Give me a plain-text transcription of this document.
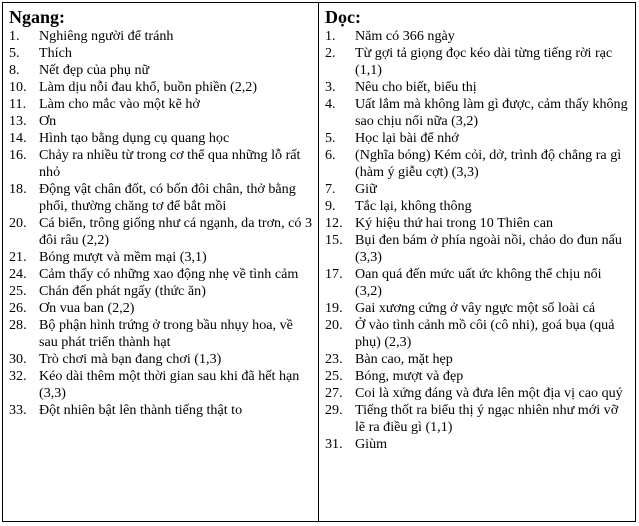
Ngang:
1.	Nghiêng người để tránh
5.	Thích
8.	Nết đẹp của phụ nữ
10. Làm dịu nỗi đau khổ, buồn phiền (2,2)
11. Làm cho mắc vào một kẽ hở
13. Ơn
14. Hình tạo bằng dụng cụ quang học
16. Chảy ra nhiều từ trong cơ thể qua những lỗ rất nhỏ
18. Động vật chân đốt, có bốn đôi chân, thở bằng phổi, thường chăng tơ để bắt mồi
20. Cá biển, trông giống như cá ngạnh, da trơn, có 3 đôi râu (2,2)
21. Bóng mượt và mềm mại (3,1)
24. Cảm thấy có những xao động nhẹ về tình cảm
25. Chán đến phát ngấy (thức ăn)
26. Ơn vua ban (2,2)
28. Bộ phận hình trứng ở trong bầu nhụy hoa, về sau phát triển thành hạt
30. Trò chơi mà bạn đang chơi (1,3)
32. Kéo dài thêm một thời gian sau khi đã hết hạn (3,3)
33. Đột nhiên bật lên thành tiếng thật to
Dọc:
1.	Năm có 366 ngày
2.	Từ gợi tả giọng đọc kéo dài từng tiếng rời rạc (1,1)
3.	Nêu cho biết, biểu thị
4.	Uất lắm mà không làm gì được, cảm thấy không sao chịu nổi nữa (3,2)
5.	Học lại bài để nhớ
6.	(Nghĩa bóng) Kém cỏi, dở, trình độ chẳng ra gì (hàm ý giễu cợt) (3,3)
7.	Giữ
9.	Tắc lại, không thông
12. Ký hiệu thứ hai trong 10 Thiên can
15. Bụi đen bám ở phía ngoài nồi, chảo do đun nấu (3,3)
17. Oan quá đến mức uất ức không thể chịu nổi (3,2)
19. Gai xương cứng ở vây ngực một số loài cá
20. Ở vào tình cảnh mồ côi (cô nhi), goá bụa (quả phụ) (2,3)
23. Bàn cao, mặt hẹp
25. Bóng, mượt và đẹp
27. Coi là xứng đáng và đưa lên một địa vị cao quý
29. Tiếng thốt ra biểu thị ý ngạc nhiên như mới vỡ lẽ ra điều gì (1,1)
31. Giùm
